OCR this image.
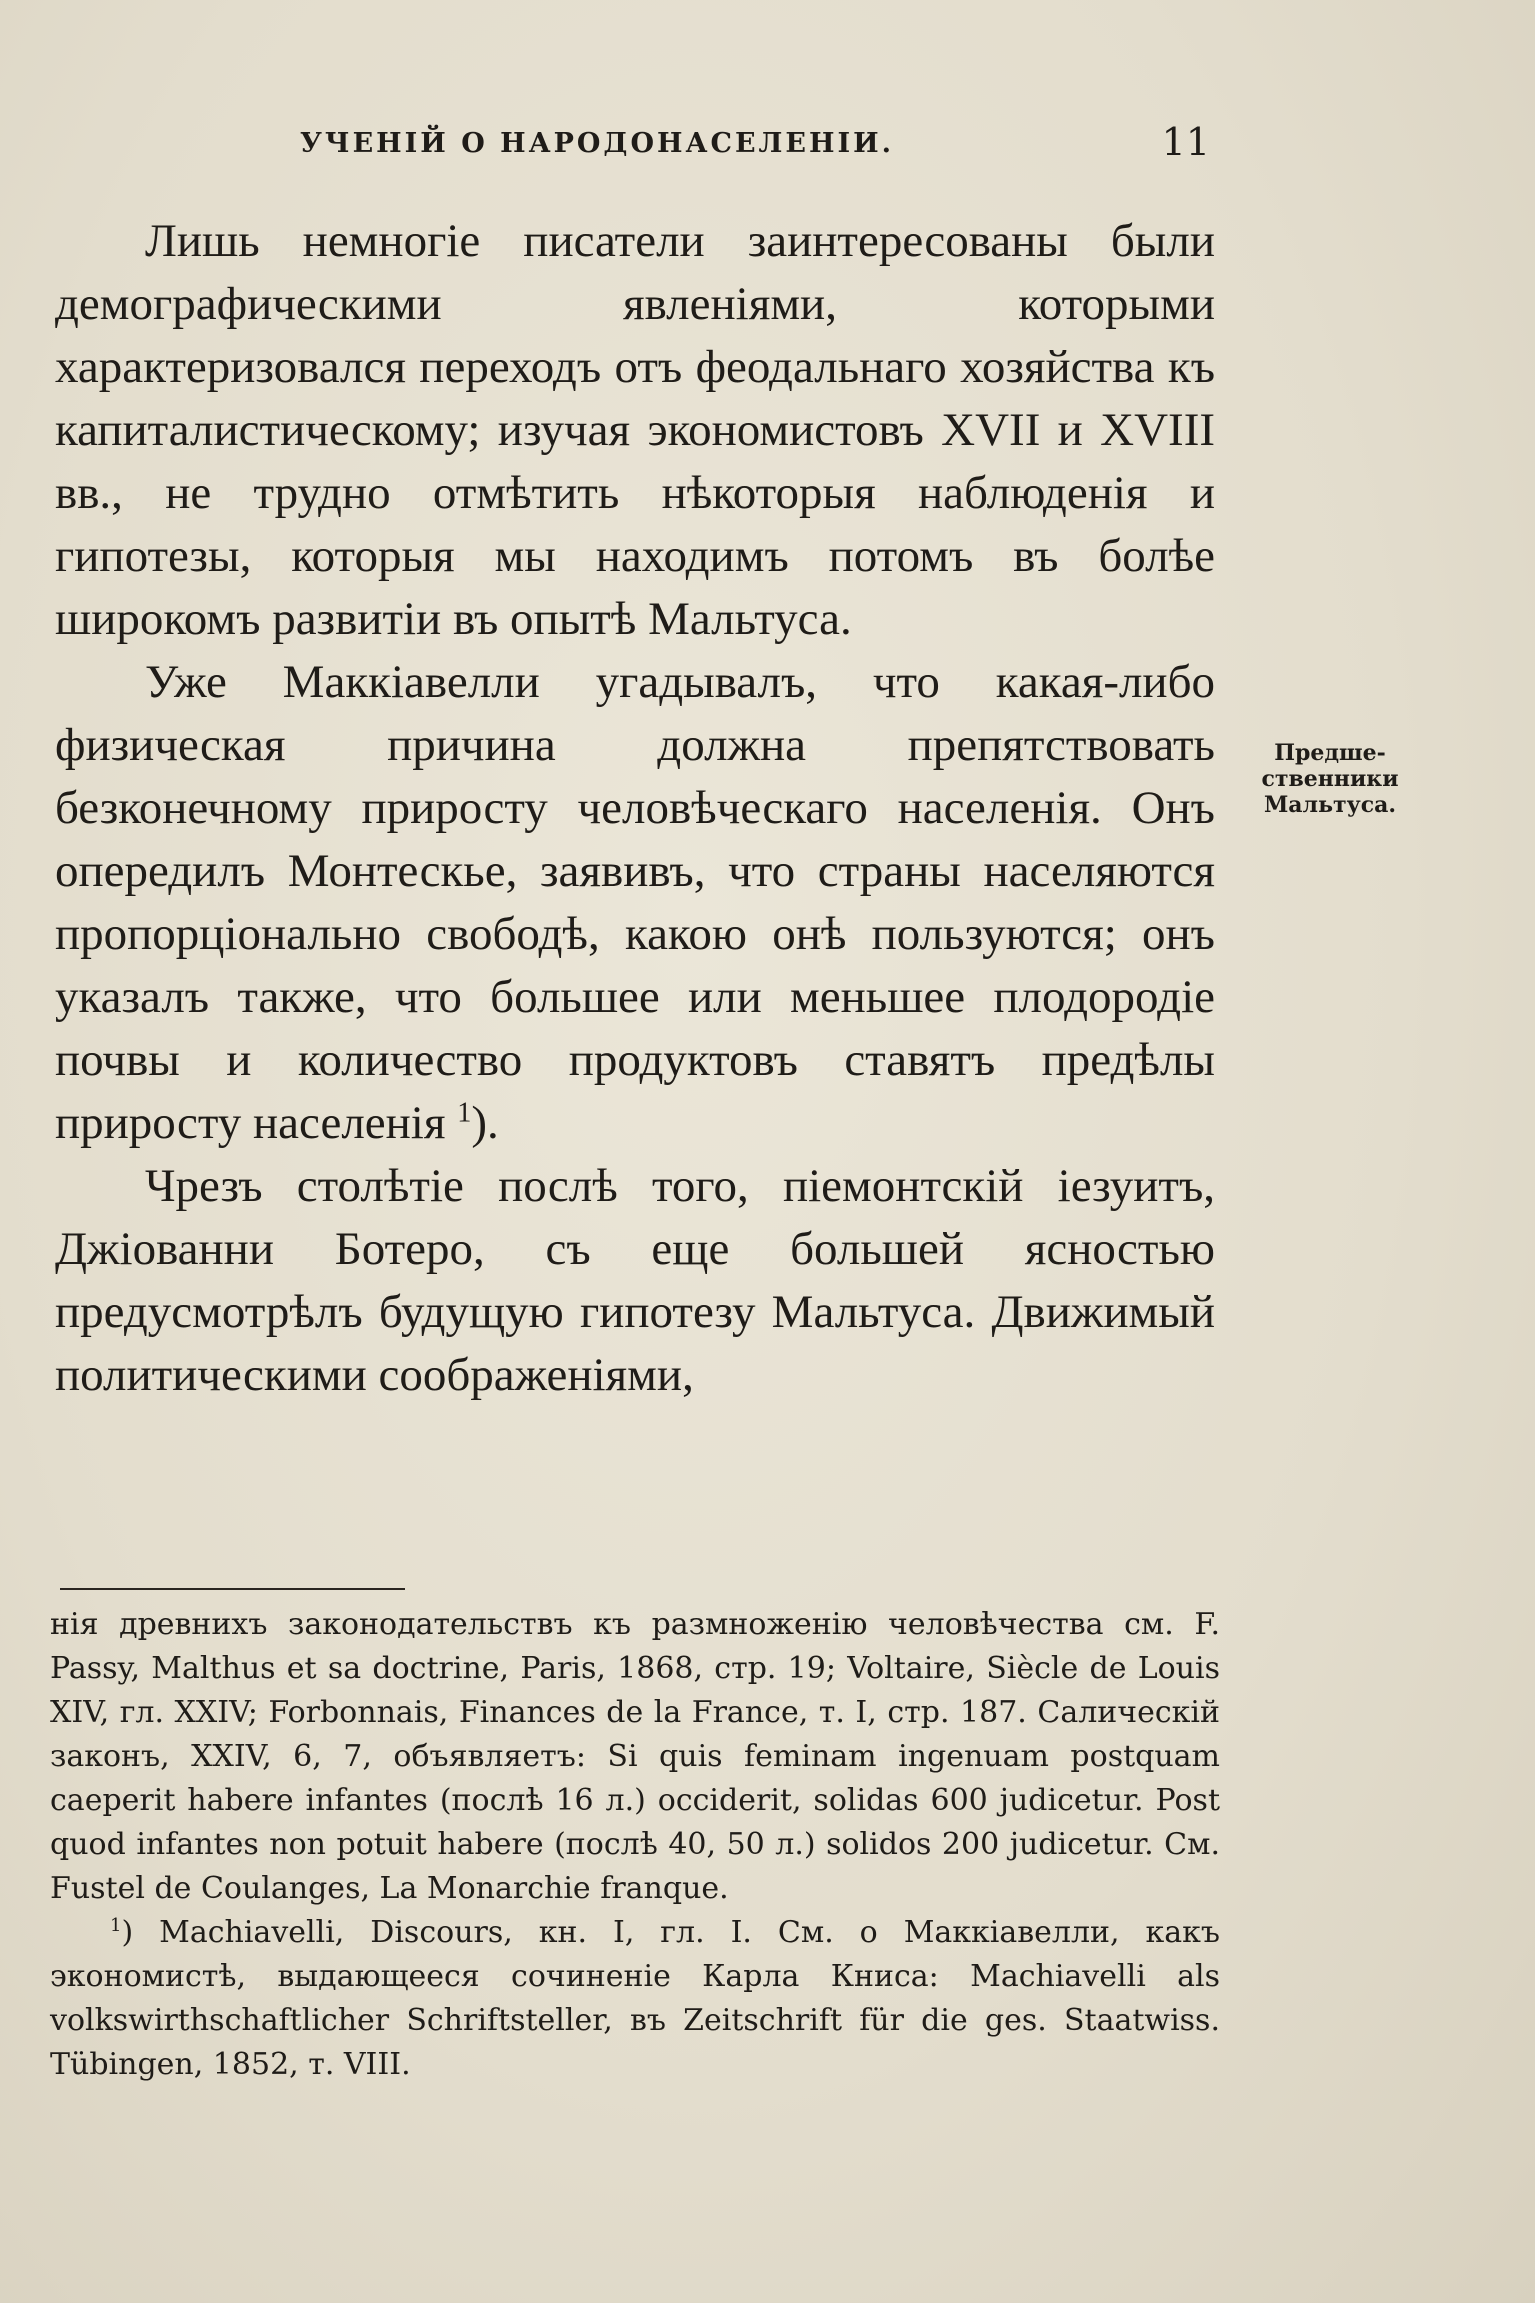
УЧЕНІЙ О НАРОДОНАСЕЛЕНІИ.	11

Лишь немногіе писатели заинтересованы были демографическими явленіями, которыми характеризовался переходъ отъ феодальнаго хозяйства къ капиталистическому; изучая экономистовъ XVII и XVIII вв., не трудно отмѣтить нѣкоторыя наблюденія и гипотезы, которыя мы находимъ потомъ въ болѣе широкомъ развитіи въ опытѣ Мальтуса.

Уже Маккіавелли угадывалъ, что какая-либо физическая причина должна препятствовать безконечному приросту человѣческаго населенія. Онъ опередилъ Монтескье, заявивъ, что страны населяются пропорціонально свободѣ, какою онѣ пользуются; онъ указалъ также, что большее или меньшее плодородіе почвы и количество продуктовъ ставятъ предѣлы приросту населенія $^1$).

Чрезъ столѣтіе послѣ того, піемонтскій іезуитъ, Джіованни Ботеро, съ еще большей ясностью предусмотрѣлъ будущую гипотезу Мальтуса. Движимый политическими соображеніями,

Предше-
ственники
Мальтуса.

нія древнихъ законодательствъ къ размноженію человѣчества см. F. Passy, Malthus et sa doctrine, Paris, 1868, стр. 19; Voltaire, Siècle de Louis XIV, гл. XXIV; Forbonnais, Finances de la France, т. I, стр. 187. Салическій законъ, XXIV, 6, 7, объявляетъ: Si quis feminam ingenuam postquam caeperit habere infantes (послѣ 16 л.) occiderit, solidas 600 judicetur. Post quod infantes non potuit habere (послѣ 40, 50 л.) solidos 200 judicetur. См. Fustel de Coulanges, La Monarchie franque.

$^1$) Machiavelli, Discours, кн. I, гл. I. См. о Маккіавелли, какъ экономистѣ, выдающееся сочиненіе Карла Книса: Machiavelli als volkswirthschaftlicher Schriftsteller, въ Zeitschrift für die ges. Staatwiss. Tübingen, 1852, т. VIII.
